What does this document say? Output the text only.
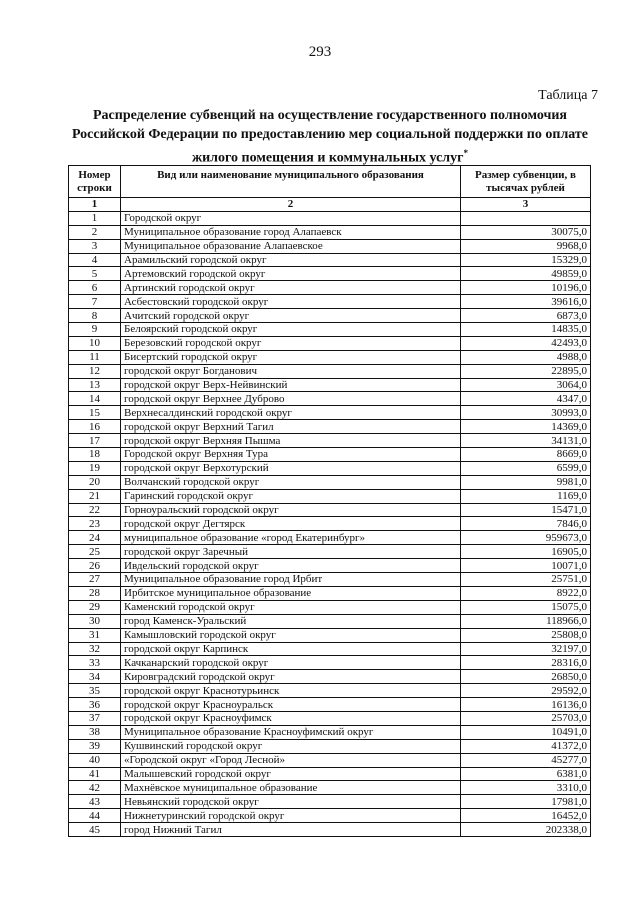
293
Таблица 7
Распределение субвенций на осуществление государственного полномочия Российской Федерации по предоставлению мер социальной поддержки по оплате жилого помещения и коммунальных услуг*
Номер строки	Вид или наименование муниципального образования	Размер субвенции, в тысячах рублей
1	2	3
1	Городской округ	
2	Муниципальное образование город Алапаевск	30075,0
3	Муниципальное образование Алапаевское	9968,0
4	Арамильский городской округ	15329,0
5	Артемовский городской округ	49859,0
6	Артинский городской округ	10196,0
7	Асбестовский городской округ	39616,0
8	Ачитский городской округ	6873,0
9	Белоярский городской округ	14835,0
10	Березовский городской округ	42493,0
11	Бисертский городской округ	4988,0
12	городской округ Богданович	22895,0
13	городской округ Верх-Нейвинский	3064,0
14	городской округ Верхнее Дуброво	4347,0
15	Верхнесалдинский городской округ	30993,0
16	городской округ Верхний Тагил	14369,0
17	городской округ Верхняя Пышма	34131,0
18	Городской округ Верхняя Тура	8669,0
19	городской округ Верхотурский	6599,0
20	Волчанский городской округ	9981,0
21	Гаринский городской округ	1169,0
22	Горноуральский городской округ	15471,0
23	городской округ Дегтярск	7846,0
24	муниципальное образование «город Екатеринбург»	959673,0
25	городской округ Заречный	16905,0
26	Ивдельский городской округ	10071,0
27	Муниципальное образование город Ирбит	25751,0
28	Ирбитское муниципальное образование	8922,0
29	Каменский городской округ	15075,0
30	город Каменск-Уральский	118966,0
31	Камышловский городской округ	25808,0
32	городской округ Карпинск	32197,0
33	Качканарский городской округ	28316,0
34	Кировградский городской округ	26850,0
35	городской округ Краснотурьинск	29592,0
36	городской округ Красноуральск	16136,0
37	городской округ Красноуфимск	25703,0
38	Муниципальное образование Красноуфимский округ	10491,0
39	Кушвинский городской округ	41372,0
40	«Городской округ «Город Лесной»	45277,0
41	Малышевский городской округ	6381,0
42	Махнёвское муниципальное образование	3310,0
43	Невьянский городской округ	17981,0
44	Нижнетуринский городской округ	16452,0
45	город Нижний Тагил	202338,0
